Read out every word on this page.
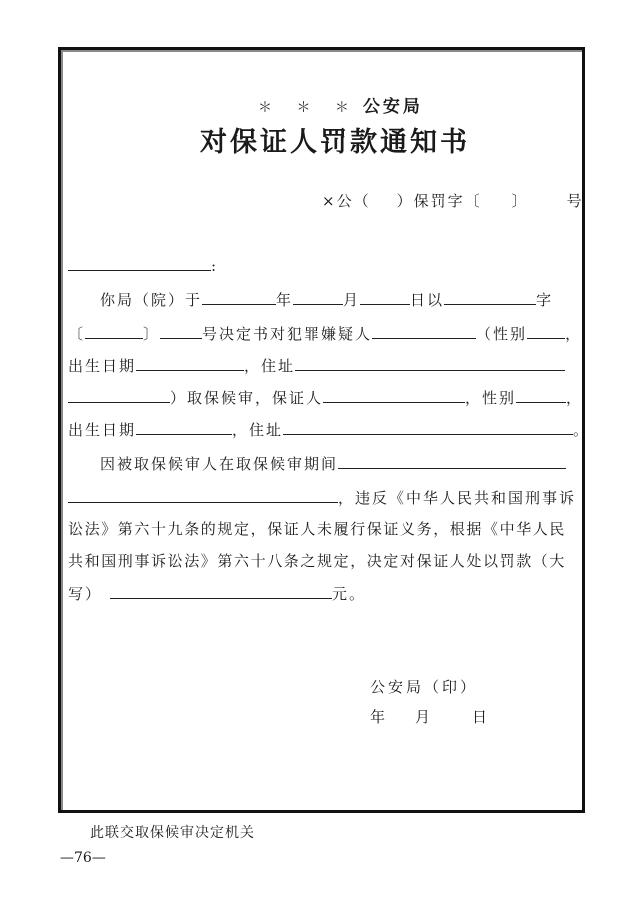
＊ ＊ ＊ 公安局
对保证人罚款通知书
×公（ ）保罚字〔 〕	号
:
你局（院）于	年	月	日以	字
〔	〕	号决定书对犯罪嫌疑人	（性别	，
出生日期	，住址
）取保候审，保证人	，性别	，
出生日期	，住址	。
因被取保候审人在取保候审期间
，违反《中华人民共和国刑事诉
讼法》第六十九条的规定，保证人未履行保证义务，根据《中华人民
共和国刑事诉讼法》第六十八条之规定，决定对保证人处以罚款（大
写）	元。
公安局（印）
年 月	日
此联交取保候审决定机关
—76—
